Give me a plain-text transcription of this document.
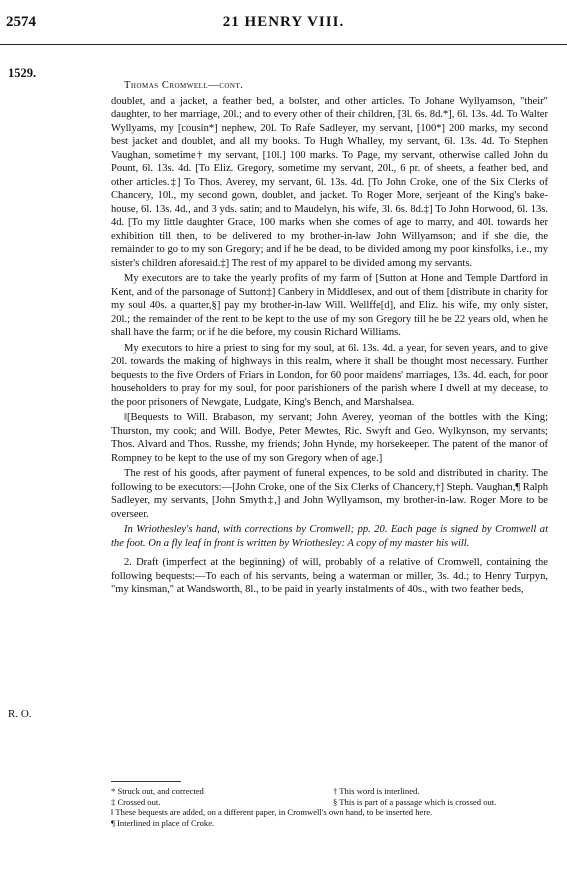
2574	21 HENRY VIII.
1529.
R. O.

Thomas Cromwell—cont.

doublet, and a jacket, a feather bed, a bolster, and other articles. To Johane Wyllyamson, "their" daughter, to her marriage, 20l.; and to every other of their children, [3l. 6s. 8d.*], 6l. 13s. 4d. To Walter Wyllyams, my [cousin*] nephew, 20l. To Rafe Sadleyer, my servant, [100*] 200 marks, my second best jacket and doublet, and all my books. To Hugh Whalley, my servant, 6l. 13s. 4d. To Stephen Vaughan, sometime† my servant, [10l.] 100 marks. To Page, my servant, otherwise called John du Pount, 6l. 13s. 4d. [To Eliz. Gregory, sometime my servant, 20l., 6 pr. of sheets, a feather bed, and other articles.‡] To Thos. Averey, my servant, 6l. 13s. 4d. [To John Croke, one of the Six Clerks of Chancery, 10l., my second gown, doublet, and jacket. To Roger More, serjeant of the King's bake-house, 6l. 13s. 4d., and 3 yds. satin; and to Maudelyn, his wife, 3l. 6s. 8d.‡] To John Horwood, 6l. 13s. 4d. [To my little daughter Grace, 100 marks when she comes of age to marry, and 40l. towards her exhibition till then, to be delivered to my brother-in-law John Willyamson; and if she die, the remainder to go to my son Gregory; and if he be dead, to be divided among my poor kinsfolks, i.e., my sister's children aforesaid.‡] The rest of my apparel to be divided among my servants.

My executors are to take the yearly profits of my farm of [Sutton at Hone and Temple Dartford in Kent, and of the parsonage of Sutton‡] Canbery in Middlesex, and out of them [distribute in charity for my soul 40s. a quarter,§] pay my brother-in-law Will. Wellffe[d], and Eliz. his wife, my only sister, 20l.; the remainder of the rent to be kept to the use of my son Gregory till he be 22 years old, when he shall have the farm; or if he die before, my cousin Richard Williams.

My executors to hire a priest to sing for my soul, at 6l. 13s. 4d. a year, for seven years, and to give 20l. towards the making of highways in this realm, where it shall be thought most necessary. Further bequests to the five Orders of Friars in London, for 60 poor maidens' marriages, 13s. 4d. each, for poor householders to pray for my soul, for poor parishioners of the parish where I dwell at my decease, to the poor prisoners of Newgate, Ludgate, King's Bench, and Marshalsea.

‖[Bequests to Will. Brabason, my servant; John Averey, yeoman of the bottles with the King; Thurston, my cook; and Will. Bodye, Peter Mewtes, Ric. Swyft and Geo. Wylkynson, my servants; Thos. Alvard and Thos. Russhe, my friends; John Hynde, my horsekeeper. The patent of the manor of Rompney to be kept to the use of my son Gregory when of age.]

The rest of his goods, after payment of funeral expences, to be sold and distributed in charity. The following to be executors:—[John Croke, one of the Six Clerks of Chancery,†] Steph. Vaughan,¶ Ralph Sadleyer, my servants, [John Smyth‡,] and John Wyllyamson, my brother-in-law. Roger More to be overseer.

In Wriothesley's hand, with corrections by Cromwell; pp. 20. Each page is signed by Cromwell at the foot. On a fly leaf in front is written by Wriothesley: A copy of my master his will.

2. Draft (imperfect at the beginning) of will, probably of a relative of Cromwell, containing the following bequests:—To each of his servants, being a waterman or miller, 3s. 4d.; to Henry Turpyn, "my kinsman," at Wandsworth, 8l., to be paid in yearly instalments of 40s., with two feather beds,

* Struck out, and corrected	† This word is interlined.
‡ Crossed out.	§ This is part of a passage which is crossed out.
‖ These bequests are added, on a different paper, in Cromwell's own hand, to be inserted here.
¶ Interlined in place of Croke.
